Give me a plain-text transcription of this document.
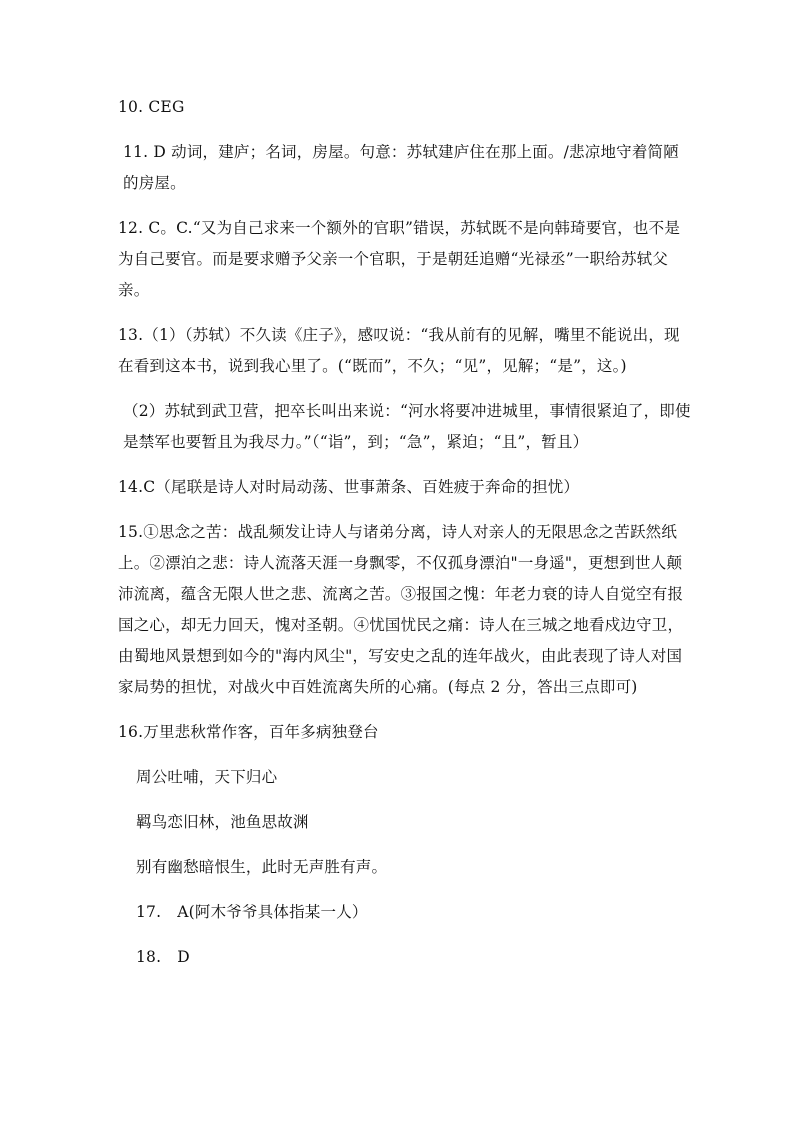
10. CEG

11. D 动词，建庐；名词，房屋。句意：苏轼建庐住在那上面。/悲凉地守着简陋的房屋。

12. C。C.“又为自己求来一个额外的官职”错误，苏轼既不是向韩琦要官，也不是为自己要官。而是要求赠予父亲一个官职，于是朝廷追赠“光禄丞”一职给苏轼父亲。

13.（1）（苏轼）不久读《庄子》，感叹说：“我从前有的见解，嘴里不能说出，现在看到这本书，说到我心里了。(“既而”，不久；“见”，见解；“是”，这。)

（2）苏轼到武卫营，把卒长叫出来说：“河水将要冲进城里，事情很紧迫了，即使是禁军也要暂且为我尽力。”（“诣”，到；“急”，紧迫；“且”，暂且）

14.C（尾联是诗人对时局动荡、世事萧条、百姓疲于奔命的担忧）

15.①思念之苦：战乱频发让诗人与诸弟分离，诗人对亲人的无限思念之苦跃然纸上。②漂泊之悲：诗人流落天涯一身飘零，不仅孤身漂泊"一身遥"，更想到世人颠沛流离，蕴含无限人世之悲、流离之苦。③报国之愧：年老力衰的诗人自觉空有报国之心，却无力回天，愧对圣朝。④忧国忧民之痛：诗人在三城之地看戍边守卫，由蜀地风景想到如今的"海内风尘"，写安史之乱的连年战火，由此表现了诗人对国家局势的担忧，对战火中百姓流离失所的心痛。(每点 2 分，答出三点即可)

16.万里悲秋常作客，百年多病独登台

周公吐哺，天下归心

羁鸟恋旧林，池鱼思故渊

别有幽愁暗恨生，此时无声胜有声。

17. A(阿木爷爷具体指某一人）

18. D
